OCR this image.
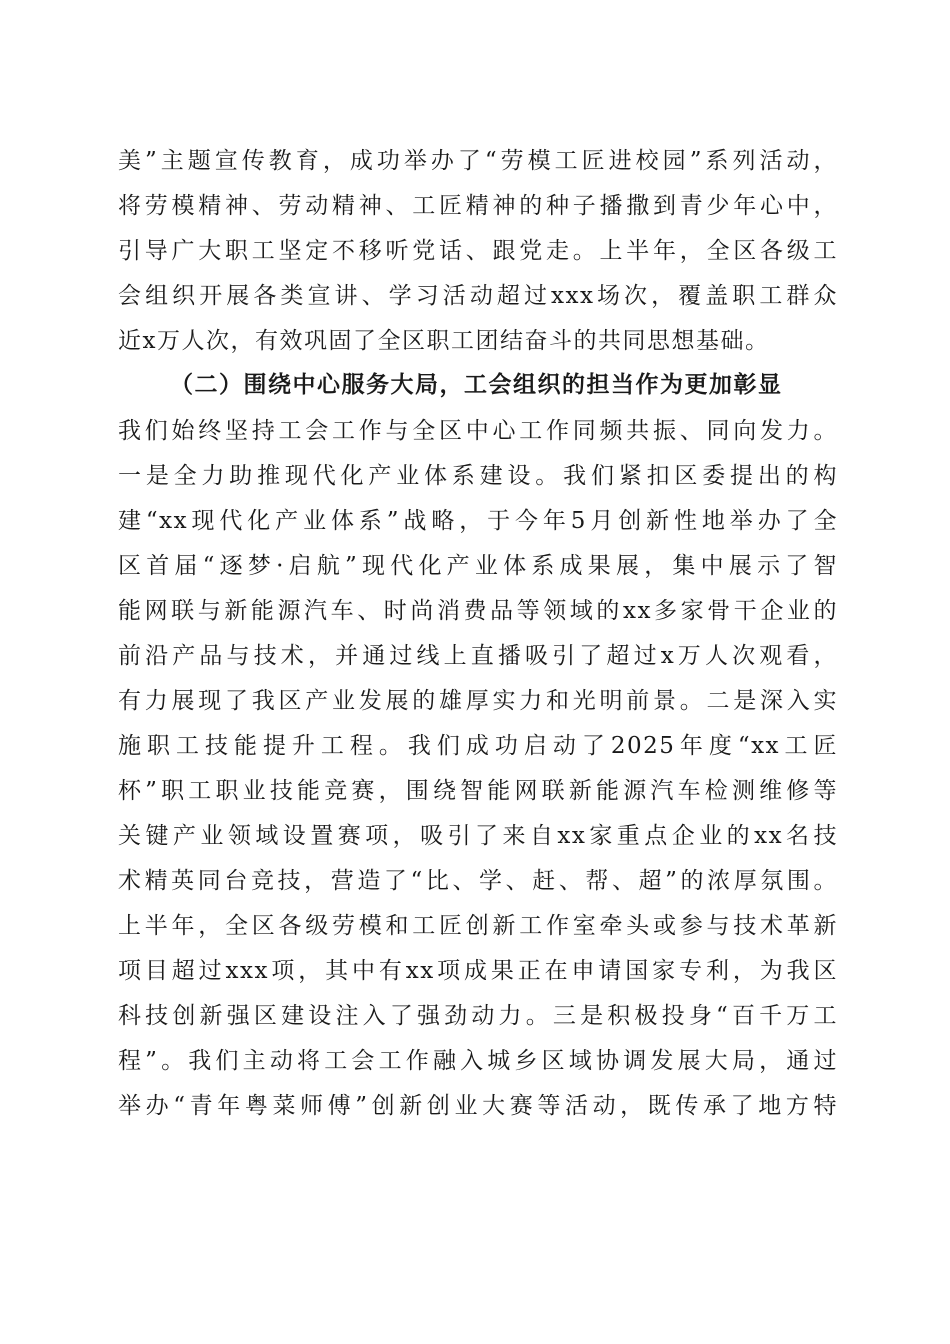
美”主题宣传教育，成功举办了“劳模工匠进校园”系列活动，
将劳模精神、劳动精神、工匠精神的种子播撒到青少年心中，
引导广大职工坚定不移听党话、跟党走。上半年，全区各级工
会组织开展各类宣讲、学习活动超过xxx场次，覆盖职工群众
近x万人次，有效巩固了全区职工团结奋斗的共同思想基础。
（二）围绕中心服务大局，工会组织的担当作为更加彰显
我们始终坚持工会工作与全区中心工作同频共振、同向发力。
一是全力助推现代化产业体系建设。我们紧扣区委提出的构
建“xx现代化产业体系”战略，于今年5月创新性地举办了全
区首届“逐梦·启航”现代化产业体系成果展，集中展示了智
能网联与新能源汽车、时尚消费品等领域的xx多家骨干企业的
前沿产品与技术，并通过线上直播吸引了超过x万人次观看，
有力展现了我区产业发展的雄厚实力和光明前景。二是深入实
施职工技能提升工程。我们成功启动了2025年度“xx工匠
杯”职工职业技能竞赛，围绕智能网联新能源汽车检测维修等
关键产业领域设置赛项，吸引了来自xx家重点企业的xx名技
术精英同台竞技，营造了“比、学、赶、帮、超”的浓厚氛围。
上半年，全区各级劳模和工匠创新工作室牵头或参与技术革新
项目超过xxx项，其中有xx项成果正在申请国家专利，为我区
科技创新强区建设注入了强劲动力。三是积极投身“百千万工
程”。我们主动将工会工作融入城乡区域协调发展大局，通过
举办“青年粤菜师傅”创新创业大赛等活动，既传承了地方特
